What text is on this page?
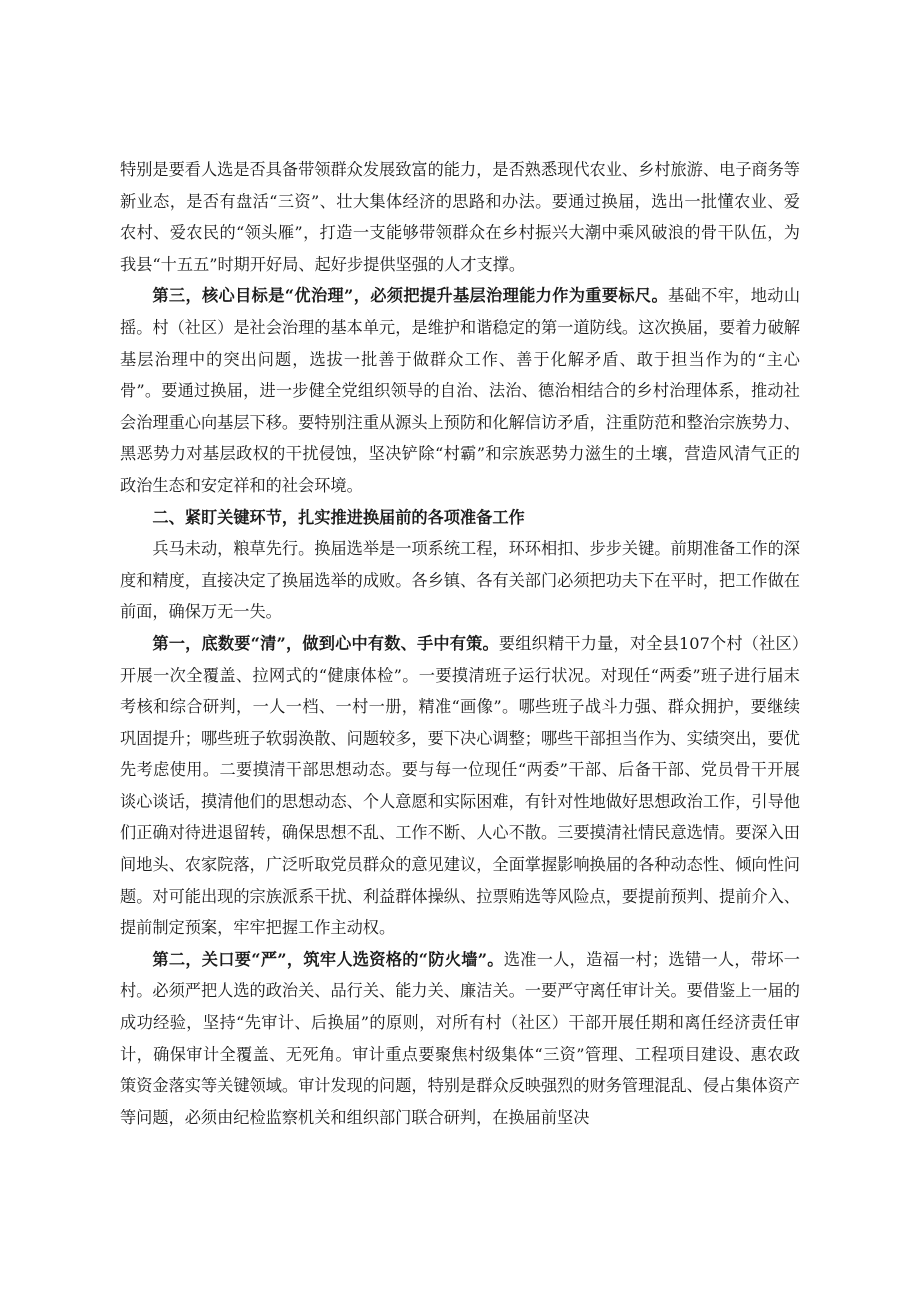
特别是要看人选是否具备带领群众发展致富的能力，是否熟悉现代农业、乡村旅游、电子商务等新业态，是否有盘活“三资”、壮大集体经济的思路和办法。要通过换届，选出一批懂农业、爱农村、爱农民的“领头雁”，打造一支能够带领群众在乡村振兴大潮中乘风破浪的骨干队伍，为我县“十五五”时期开好局、起好步提供坚强的人才支撑。

第三，核心目标是“优治理”，必须把提升基层治理能力作为重要标尺。基础不牢，地动山摇。村（社区）是社会治理的基本单元，是维护和谐稳定的第一道防线。这次换届，要着力破解基层治理中的突出问题，选拔一批善于做群众工作、善于化解矛盾、敢于担当作为的“主心骨”。要通过换届，进一步健全党组织领导的自治、法治、德治相结合的乡村治理体系，推动社会治理重心向基层下移。要特别注重从源头上预防和化解信访矛盾，注重防范和整治宗族势力、黑恶势力对基层政权的干扰侵蚀，坚决铲除“村霸”和宗族恶势力滋生的土壤，营造风清气正的政治生态和安定祥和的社会环境。

二、紧盯关键环节，扎实推进换届前的各项准备工作

兵马未动，粮草先行。换届选举是一项系统工程，环环相扣、步步关键。前期准备工作的深度和精度，直接决定了换届选举的成败。各乡镇、各有关部门必须把功夫下在平时，把工作做在前面，确保万无一失。

第一，底数要“清”，做到心中有数、手中有策。要组织精干力量，对全县107个村（社区）开展一次全覆盖、拉网式的“健康体检”。一要摸清班子运行状况。对现任“两委”班子进行届末考核和综合研判，一人一档、一村一册，精准“画像”。哪些班子战斗力强、群众拥护，要继续巩固提升；哪些班子软弱涣散、问题较多，要下决心调整；哪些干部担当作为、实绩突出，要优先考虑使用。二要摸清干部思想动态。要与每一位现任“两委”干部、后备干部、党员骨干开展谈心谈话，摸清他们的思想动态、个人意愿和实际困难，有针对性地做好思想政治工作，引导他们正确对待进退留转，确保思想不乱、工作不断、人心不散。三要摸清社情民意选情。要深入田间地头、农家院落，广泛听取党员群众的意见建议，全面掌握影响换届的各种动态性、倾向性问题。对可能出现的宗族派系干扰、利益群体操纵、拉票贿选等风险点，要提前预判、提前介入、提前制定预案，牢牢把握工作主动权。

第二，关口要“严”，筑牢人选资格的“防火墙”。选准一人，造福一村；选错一人，带坏一村。必须严把人选的政治关、品行关、能力关、廉洁关。一要严守离任审计关。要借鉴上一届的成功经验，坚持“先审计、后换届”的原则，对所有村（社区）干部开展任期和离任经济责任审计，确保审计全覆盖、无死角。审计重点要聚焦村级集体“三资”管理、工程项目建设、惠农政策资金落实等关键领域。审计发现的问题，特别是群众反映强烈的财务管理混乱、侵占集体资产等问题，必须由纪检监察机关和组织部门联合研判，在换届前坚决
